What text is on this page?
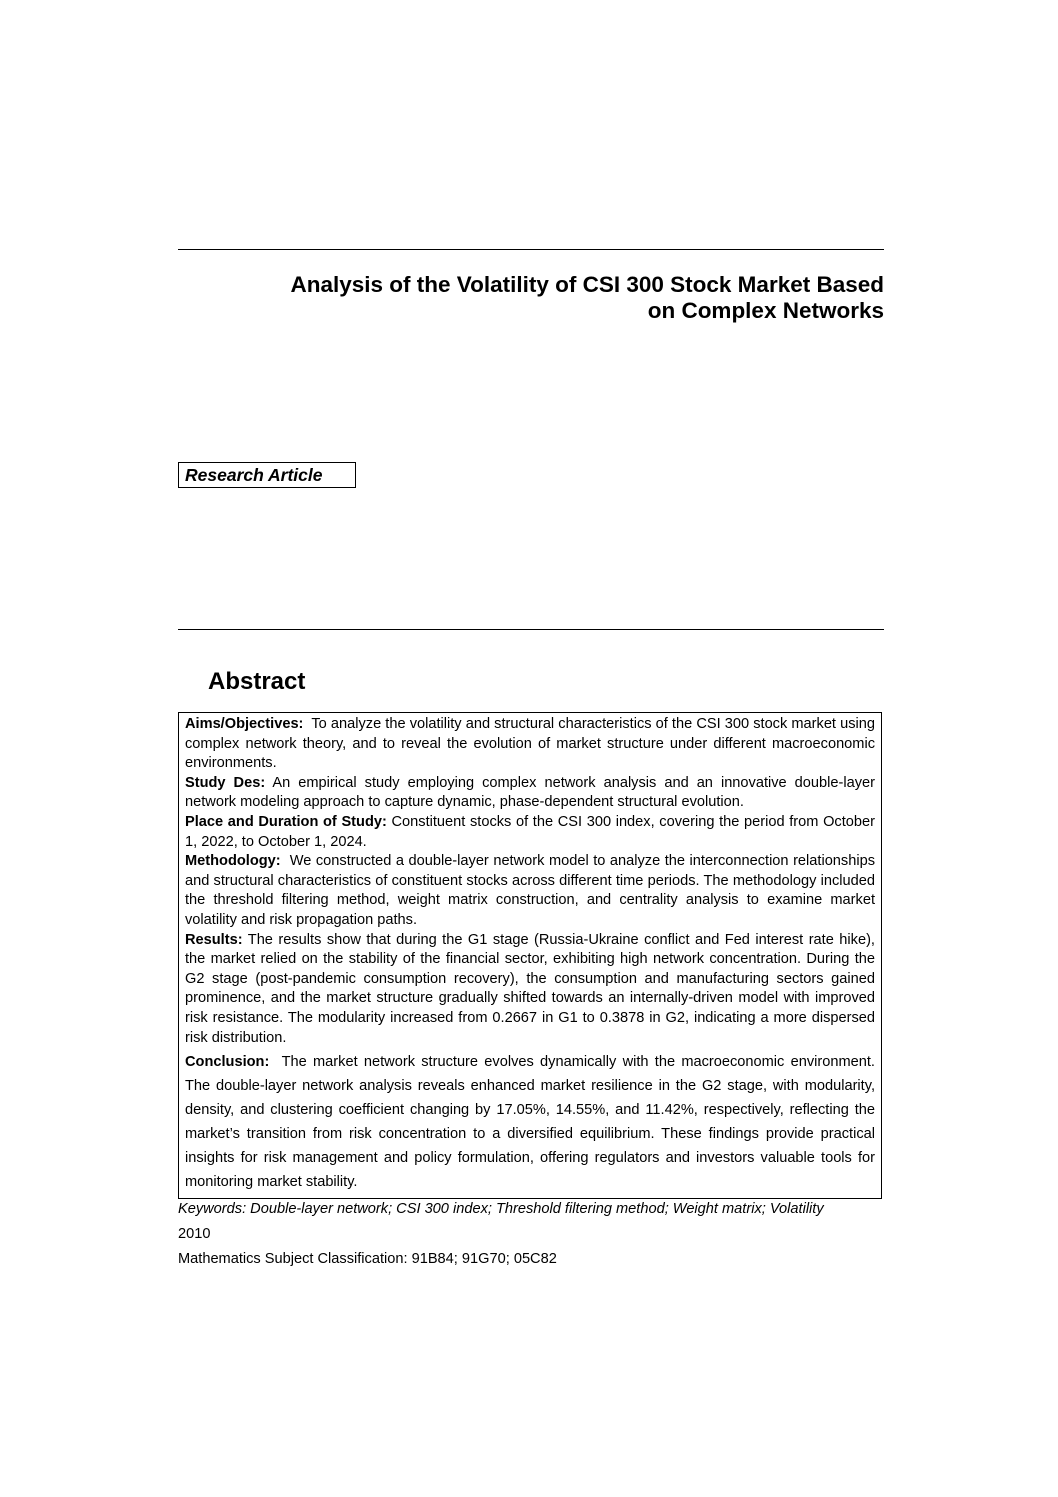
Analysis of the Volatility of CSI 300 Stock Market Based
on Complex Networks
Research Article
Abstract

Aims/Objectives: To analyze the volatility and structural characteristics of the CSI 300 stock market using complex network theory, and to reveal the evolution of market structure under different macroeconomic environments.

Study Des: An empirical study employing complex network analysis and an innovative double-layer network modeling approach to capture dynamic, phase-dependent structural evolution.

Place and Duration of Study: Constituent stocks of the CSI 300 index, covering the period from October 1, 2022, to October 1, 2024.

Methodology: We constructed a double-layer network model to analyze the interconnection relationships and structural characteristics of constituent stocks across different time periods. The methodology included the threshold filtering method, weight matrix construction, and centrality analysis to examine market volatility and risk propagation paths.

Results: The results show that during the G1 stage (Russia-Ukraine conflict and Fed interest rate hike), the market relied on the stability of the financial sector, exhibiting high network concentration. During the G2 stage (post-pandemic consumption recovery), the consumption and manufacturing sectors gained prominence, and the market structure gradually shifted towards an internally-driven model with improved risk resistance. The modularity increased from 0.2667 in G1 to 0.3878 in G2, indicating a more dispersed risk distribution.

Conclusion: The market network structure evolves dynamically with the macroeconomic environment. The double-layer network analysis reveals enhanced market resilience in the G2 stage, with modularity, density, and clustering coefficient changing by 17.05%, 14.55%, and 11.42%, respectively, reflecting the market’s transition from risk concentration to a diversified equilibrium. These findings provide practical insights for risk management and policy formulation, offering regulators and investors valuable tools for monitoring market stability.

Keywords: Double-layer network; CSI 300 index; Threshold filtering method; Weight matrix; Volatility
2010
Mathematics Subject Classification: 91B84; 91G70; 05C82
